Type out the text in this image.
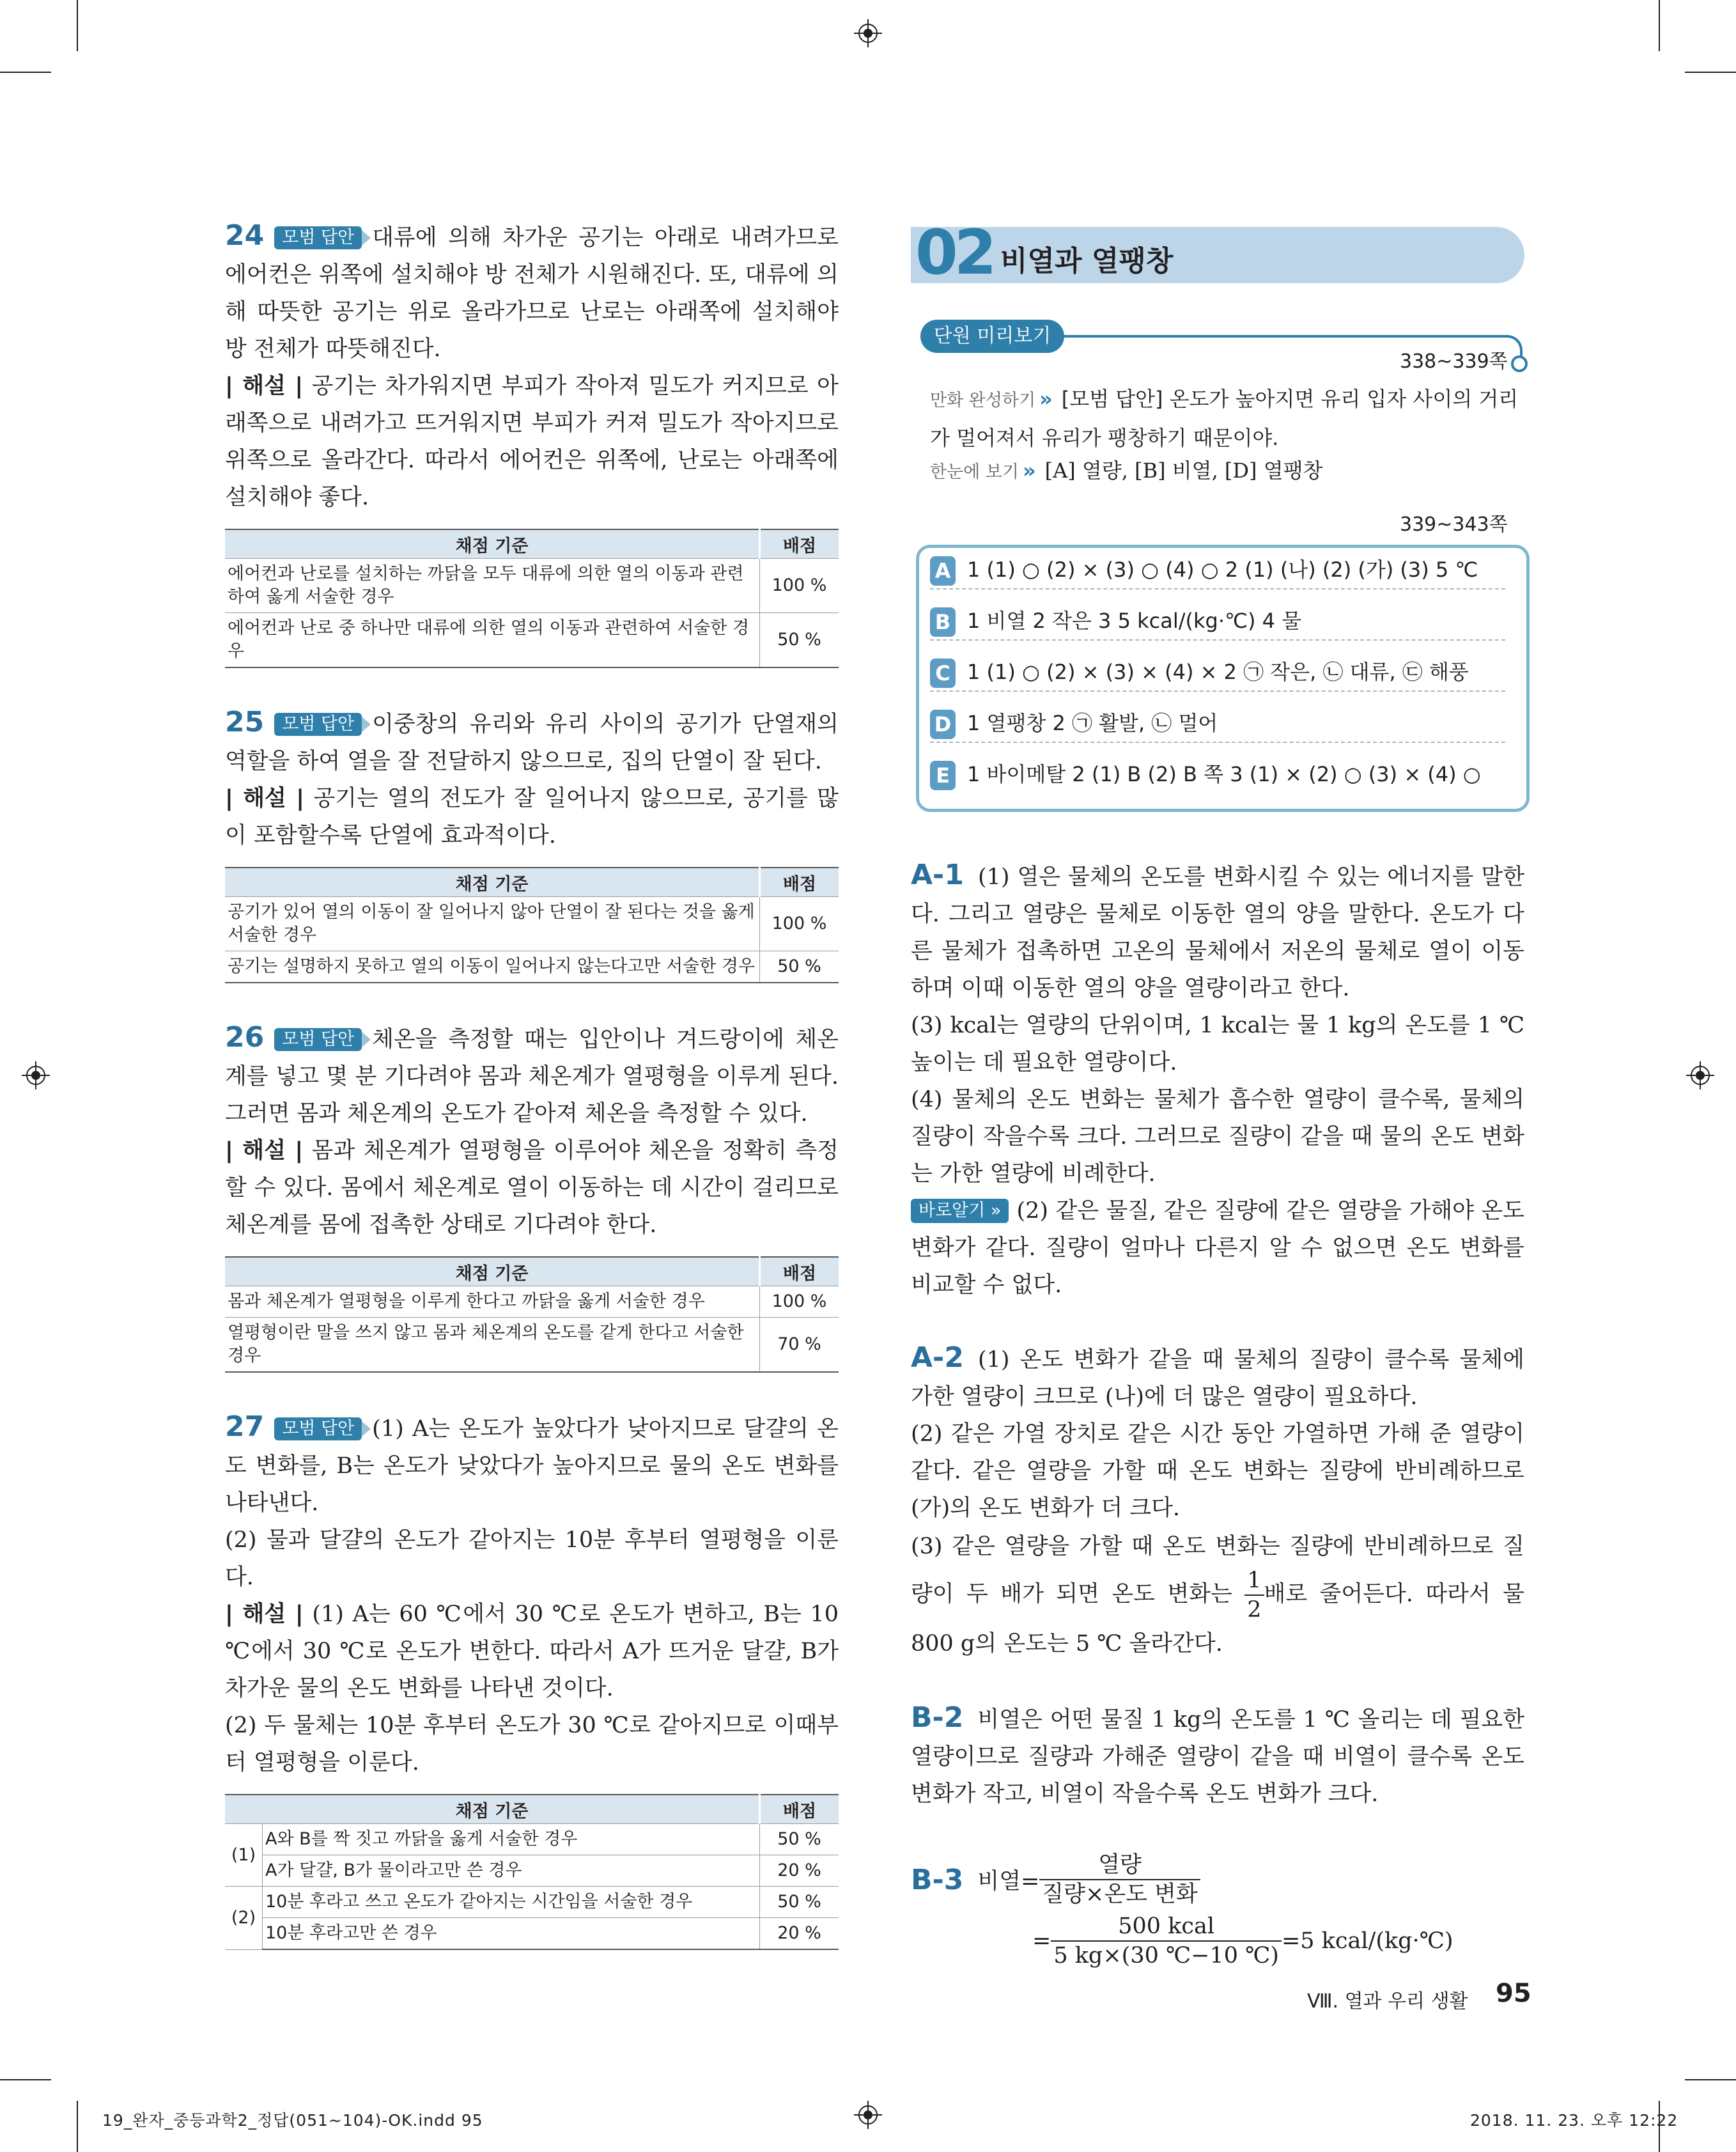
24 모범 답안 대류에 의해 차가운 공기는 아래로 내려가므로 에어컨은 위쪽에 설치해야 방 전체가 시원해진다. 또, 대류에 의해 따뜻한 공기는 위로 올라가므로 난로는 아래쪽에 설치해야 방 전체가 따뜻해진다.

| 해설 | 공기는 차가워지면 부피가 작아져 밀도가 커지므로 아래쪽으로 내려가고 뜨거워지면 부피가 커져 밀도가 작아지므로 위쪽으로 올라간다. 따라서 에어컨은 위쪽에, 난로는 아래쪽에 설치해야 좋다.

채점 기준	배점
에어컨과 난로를 설치하는 까닭을 모두 대류에 의한 열의 이동과 관련하여 옳게 서술한 경우	100 %
에어컨과 난로 중 하나만 대류에 의한 열의 이동과 관련하여 서술한 경우	50 %

25 모범 답안 이중창의 유리와 유리 사이의 공기가 단열재의 역할을 하여 열을 잘 전달하지 않으므로, 집의 단열이 잘 된다.

| 해설 | 공기는 열의 전도가 잘 일어나지 않으므로, 공기를 많이 포함할수록 단열에 효과적이다.

채점 기준	배점
공기가 있어 열의 이동이 잘 일어나지 않아 단열이 잘 된다는 것을 옳게 서술한 경우	100 %
공기는 설명하지 못하고 열의 이동이 일어나지 않는다고만 서술한 경우	50 %

26 모범 답안 체온을 측정할 때는 입안이나 겨드랑이에 체온계를 넣고 몇 분 기다려야 몸과 체온계가 열평형을 이루게 된다. 그러면 몸과 체온계의 온도가 같아져 체온을 측정할 수 있다.

| 해설 | 몸과 체온계가 열평형을 이루어야 체온을 정확히 측정할 수 있다. 몸에서 체온계로 열이 이동하는 데 시간이 걸리므로 체온계를 몸에 접촉한 상태로 기다려야 한다.

채점 기준	배점
몸과 체온계가 열평형을 이루게 한다고 까닭을 옳게 서술한 경우	100 %
열평형이란 말을 쓰지 않고 몸과 체온계의 온도를 같게 한다고 서술한 경우	70 %

27 모범 답안 (1) A는 온도가 높았다가 낮아지므로 달걀의 온도 변화를, B는 온도가 낮았다가 높아지므로 물의 온도 변화를 나타낸다.

(2) 물과 달걀의 온도가 같아지는 10분 후부터 열평형을 이룬다.

| 해설 | (1) A는 60 ℃에서 30 ℃로 온도가 변하고, B는 10 ℃에서 30 ℃로 온도가 변한다. 따라서 A가 뜨거운 달걀, B가 차가운 물의 온도 변화를 나타낸 것이다.

(2) 두 물체는 10분 후부터 온도가 30 ℃로 같아지므로 이때부터 열평형을 이룬다.

채점 기준		배점
(1)	A와 B를 짝 짓고 까닭을 옳게 서술한 경우	50 %
	A가 달걀, B가 물이라고만 쓴 경우	20 %
(2)	10분 후라고 쓰고 온도가 같아지는 시간임을 서술한 경우	50 %
	10분 후라고만 쓴 경우	20 %
02 비열과 열팽창
단원 미리보기
338~339쪽
만화 완성하기 » [모범 답안] 온도가 높아지면 유리 입자 사이의 거리가 멀어져서 유리가 팽창하기 때문이야.
한눈에 보기 » [A] 열량, [B] 비열, [D] 열팽창
339~343쪽
A 1 (1) ○ (2) × (3) ○ (4) ○ 2 (1) (나) (2) (가) (3) 5 ℃
B 1 비열 2 작은 3 5 kcal/(kg·℃) 4 물
C 1 (1) ○ (2) × (3) × (4) × 2 ㉠ 작은, ㉡ 대류, ㉢ 해풍
D 1 열팽창 2 ㉠ 활발, ㉡ 멀어
E 1 바이메탈 2 (1) B (2) B 쪽 3 (1) × (2) ○ (3) × (4) ○

A-1 (1) 열은 물체의 온도를 변화시킬 수 있는 에너지를 말한다. 그리고 열량은 물체로 이동한 열의 양을 말한다. 온도가 다른 물체가 접촉하면 고온의 물체에서 저온의 물체로 열이 이동하며 이때 이동한 열의 양을 열량이라고 한다.

(3) kcal는 열량의 단위이며, 1 kcal는 물 1 kg의 온도를 1 ℃ 높이는 데 필요한 열량이다.

(4) 물체의 온도 변화는 물체가 흡수한 열량이 클수록, 물체의 질량이 작을수록 크다. 그러므로 질량이 같을 때 물의 온도 변화는 가한 열량에 비례한다.

바로알기 » (2) 같은 물질, 같은 질량에 같은 열량을 가해야 온도 변화가 같다. 질량이 얼마나 다른지 알 수 없으면 온도 변화를 비교할 수 없다.

A-2 (1) 온도 변화가 같을 때 물체의 질량이 클수록 물체에 가한 열량이 크므로 (나)에 더 많은 열량이 필요하다.

(2) 같은 가열 장치로 같은 시간 동안 가열하면 가해 준 열량이 같다. 같은 열량을 가할 때 온도 변화는 질량에 반비례하므로 (가)의 온도 변화가 더 크다.

(3) 같은 열량을 가할 때 온도 변화는 질량에 반비례하므로 질량이 두 배가 되면 온도 변화는 $\frac{1}{2}$ 배로 줄어든다. 따라서 물 800 g의 온도는 5 ℃ 올라간다.

B-2 비열은 어떤 물질 1 kg의 온도를 1 ℃ 올리는 데 필요한 열량이므로 질량과 가해준 열량이 같을 때 비열이 클수록 온도 변화가 작고, 비열이 작을수록 온도 변화가 크다.

B-3 비열= $\frac{\text{열량}}{\text{질량×온도 변화}}$
= $\frac{\text{500 kcal}}{5 kg\times(30 ℃-10 ℃)} =5$ kcal/(kg·℃)
Ⅷ. 열과 우리 생활 95
19_완자_중등과학2_정답(051~104)-OK.indd 95	2018. 11. 23. 오후 12:22
